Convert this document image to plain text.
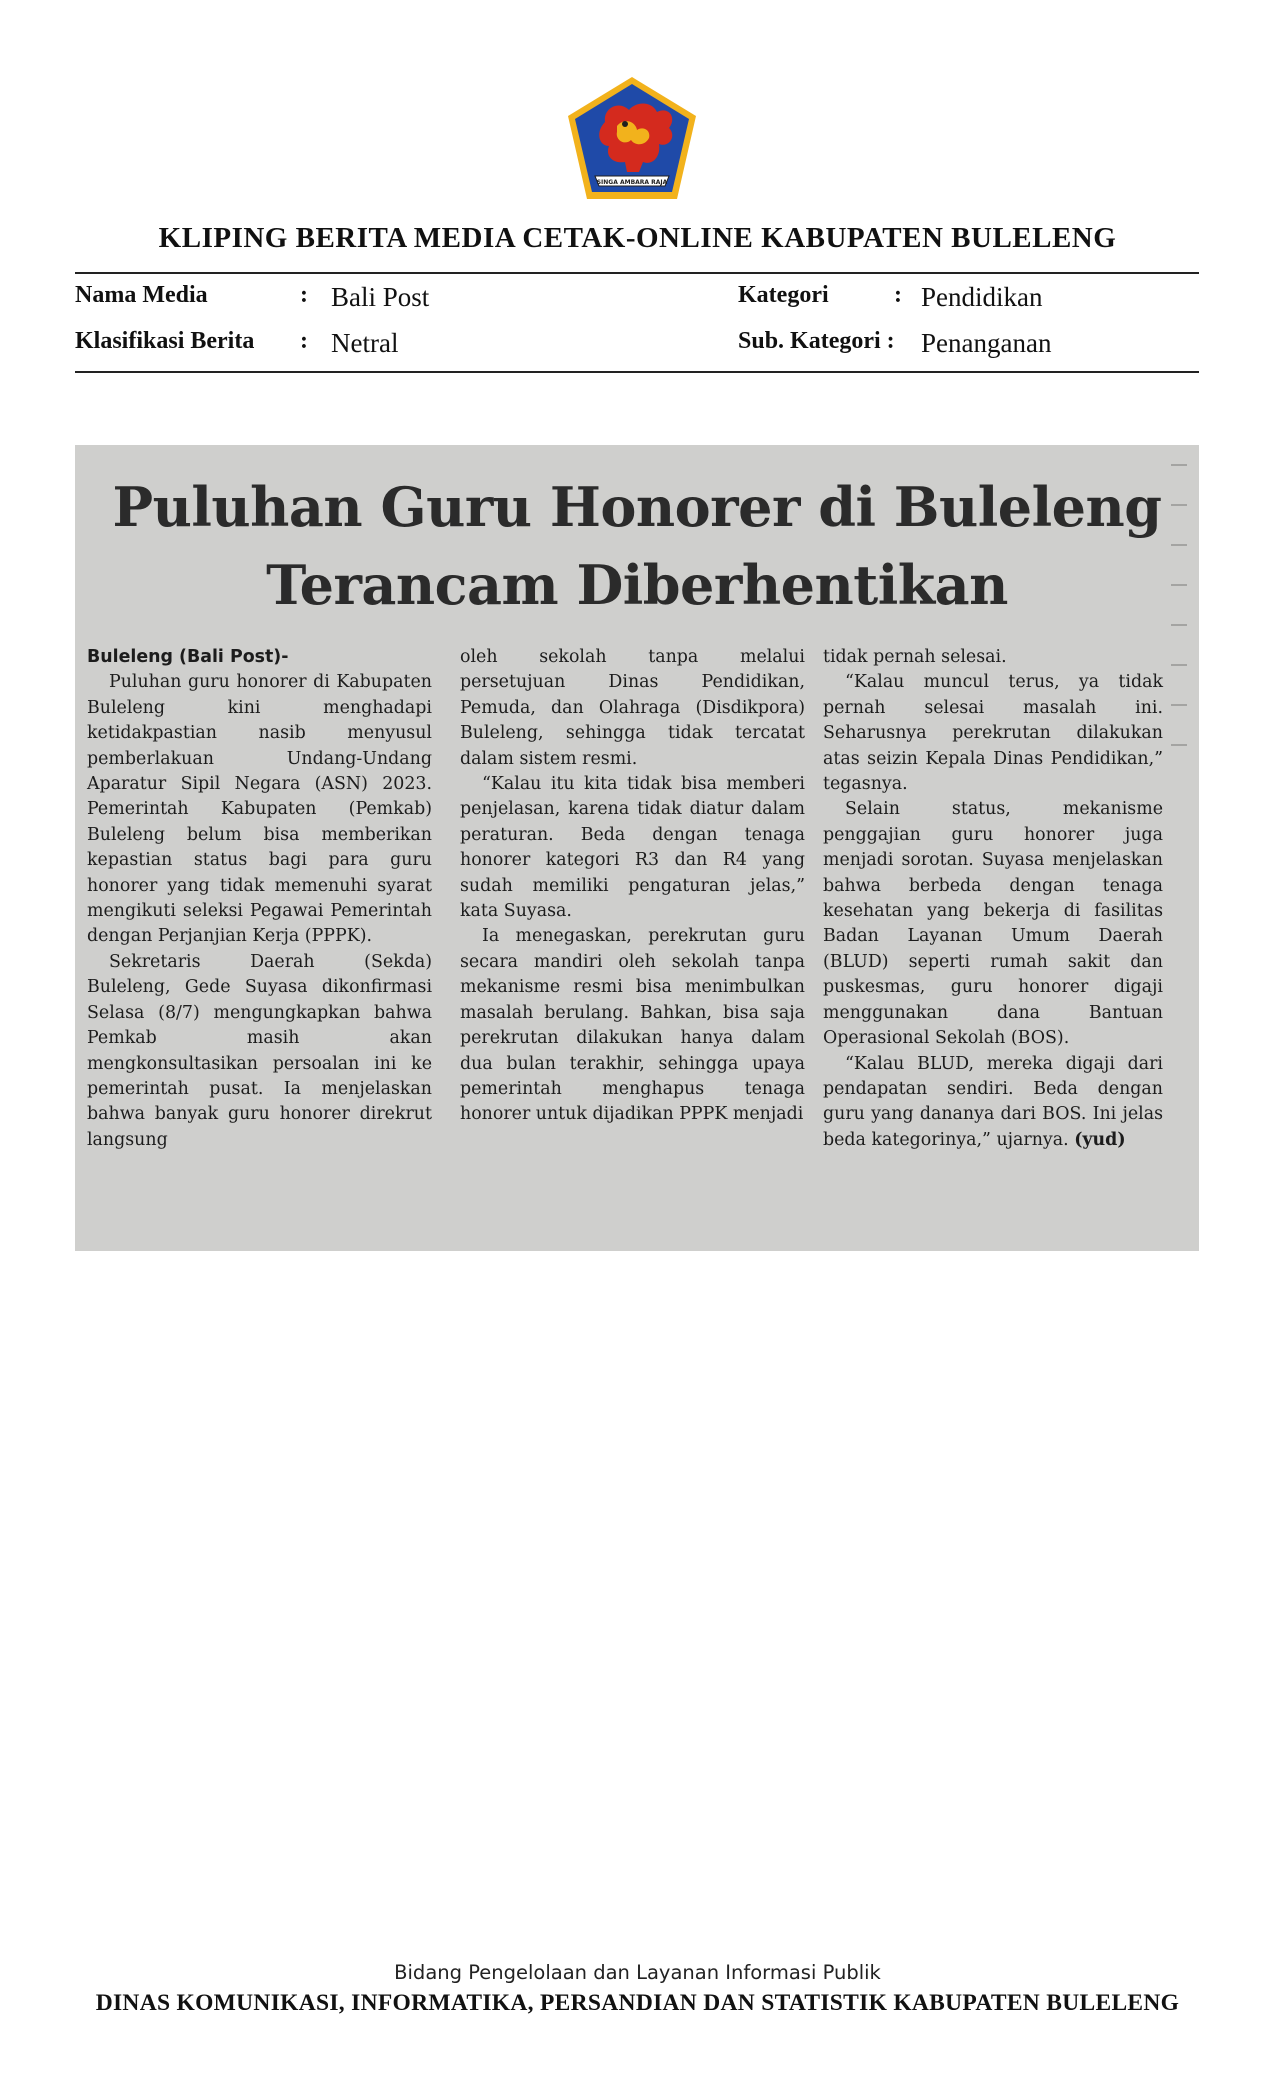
SINGA AMBARA RAJA
KLIPING BERITA MEDIA CETAK-ONLINE KABUPATEN BULELENG
Nama Media	: Bali Post
Klasifikasi Berita : Netral
Kategori	: Pendidikan
Sub. Kategori : Penanganan
Puluhan Guru Honorer di Buleleng
Terancam Diberhentikan

Buleleng (Bali Post)-

Puluhan guru honorer di Kabupaten Buleleng kini menghadapi ketidakpastian nasib menyusul pemberlakuan Undang-Undang Aparatur Sipil Negara (ASN) 2023. Pemerintah Kabupaten (Pemkab) Buleleng belum bisa memberikan kepastian status bagi para guru honorer yang tidak memenuhi syarat mengikuti seleksi Pegawai Pemerintah dengan Perjanjian Kerja (PPPK).

Sekretaris Daerah (Sekda) Buleleng, Gede Suyasa dikonfirmasi Selasa (8/7) mengungkapkan bahwa Pemkab masih akan mengkonsultasikan persoalan ini ke pemerintah pusat. Ia menjelaskan bahwa banyak guru honorer direkrut langsung

oleh sekolah tanpa melalui persetujuan Dinas Pendidikan, Pemuda, dan Olahraga (Disdikpora) Buleleng, sehingga tidak tercatat dalam sistem resmi.

“Kalau itu kita tidak bisa memberi penjelasan, karena tidak diatur dalam peraturan. Beda dengan tenaga honorer kategori R3 dan R4 yang sudah memiliki pengaturan jelas,” kata Suyasa.

Ia menegaskan, perekrutan guru secara mandiri oleh sekolah tanpa mekanisme resmi bisa menimbulkan masalah berulang. Bahkan, bisa saja perekrutan dilakukan hanya dalam dua bulan terakhir, sehingga upaya pemerintah menghapus tenaga honorer untuk dijadikan PPPK menjadi

tidak pernah selesai.

“Kalau muncul terus, ya tidak pernah selesai masalah ini. Seharusnya perekrutan dilakukan atas seizin Kepala Dinas Pendidikan,” tegasnya.

Selain status, mekanisme penggajian guru honorer juga menjadi sorotan. Suyasa menjelaskan bahwa berbeda dengan tenaga kesehatan yang bekerja di fasilitas Badan Layanan Umum Daerah (BLUD) seperti rumah sakit dan puskesmas, guru honorer digaji menggunakan dana Bantuan Operasional Sekolah (BOS).

“Kalau BLUD, mereka digaji dari pendapatan sendiri. Beda dengan guru yang dananya dari BOS. Ini jelas beda kategorinya,” ujarnya. (yud)

Bidang Pengelolaan dan Layanan Informasi Publik
DINAS KOMUNIKASI, INFORMATIKA, PERSANDIAN DAN STATISTIK KABUPATEN BULELENG
